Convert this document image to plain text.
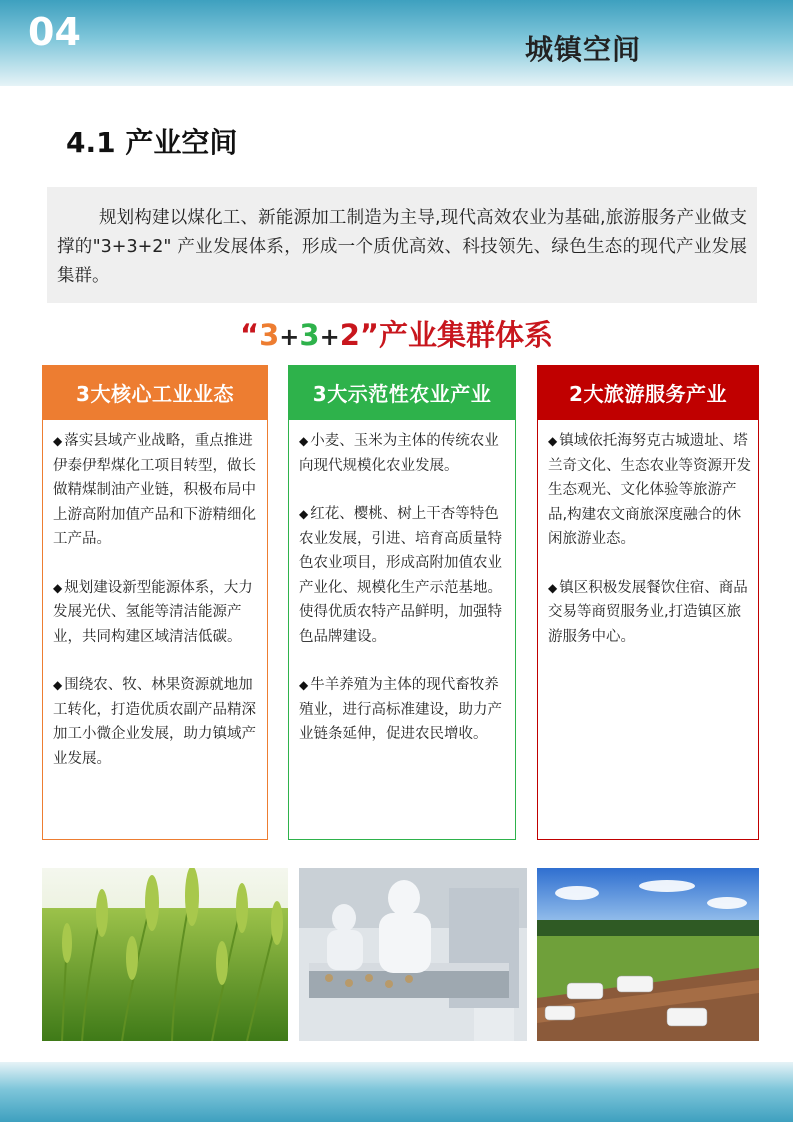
04	城镇空间
4.1 产业空间

规划构建以煤化工、新能源加工制造为主导,现代高效农业为基础,旅游服务产业做支撑的"3+3+2" 产业发展体系，形成一个质优高效、科技领先、绿色生态的现代产业发展集群。

“3+3+2”产业集群体系
◆ 落实县域产业战略，重点推进伊泰伊犁煤化工项目转型，做长做精煤制油产业链，积极布局中上游高附加值产品和下游精细化工产品。
◆ 规划建设新型能源体系，大力发展光伏、氢能等清洁能源产业，共同构建区域清洁低碳。
◆ 围绕农、牧、林果资源就地加工转化，打造优质农副产品精深加工小微企业发展，助力镇域产业发展。
3大核心工业业态
◆ 小麦、玉米为主体的传统农业向现代规模化农业发展。
◆ 红花、樱桃、树上干杏等特色农业发展，引进、培育高质量特色农业项目，形成高附加值农业产业化、规模化生产示范基地。使得优质农特产品鲜明，加强特色品牌建设。
◆ 牛羊养殖为主体的现代畜牧养殖业，进行高标准建设，助力产业链条延伸，促进农民增收。
3大示范性农业产业
◆ 镇域依托海努克古城遗址、塔兰奇文化、生态农业等资源开发生态观光、文化体验等旅游产品,构建农文商旅深度融合的休闲旅游业态。
◆ 镇区积极发展餐饮住宿、商品交易等商贸服务业,打造镇区旅游服务中心。
2大旅游服务产业
